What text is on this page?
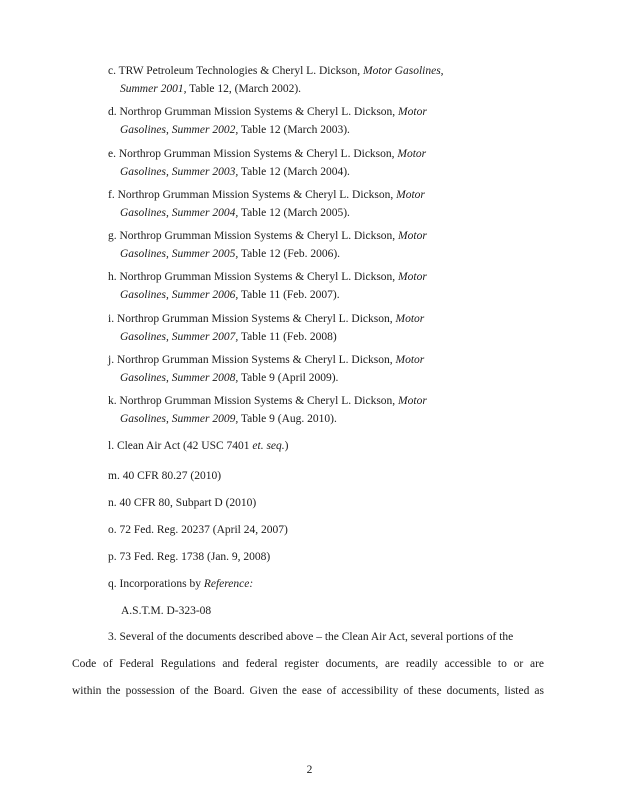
c. TRW Petroleum Technologies & Cheryl L. Dickson, Motor Gasolines,
Summer 2001, Table 12, (March 2002).
d. Northrop Grumman Mission Systems & Cheryl L. Dickson, Motor
Gasolines, Summer 2002, Table 12 (March 2003).
e. Northrop Grumman Mission Systems & Cheryl L. Dickson, Motor
Gasolines, Summer 2003, Table 12 (March 2004).
f. Northrop Grumman Mission Systems & Cheryl L. Dickson, Motor
Gasolines, Summer 2004, Table 12 (March 2005).
g. Northrop Grumman Mission Systems & Cheryl L. Dickson, Motor
Gasolines, Summer 2005, Table 12 (Feb. 2006).
h. Northrop Grumman Mission Systems & Cheryl L. Dickson, Motor
Gasolines, Summer 2006, Table 11 (Feb. 2007).
i. Northrop Grumman Mission Systems & Cheryl L. Dickson, Motor
Gasolines, Summer 2007, Table 11 (Feb. 2008)
j. Northrop Grumman Mission Systems & Cheryl L. Dickson, Motor
Gasolines, Summer 2008, Table 9 (April 2009).
k. Northrop Grumman Mission Systems & Cheryl L. Dickson, Motor
Gasolines, Summer 2009, Table 9 (Aug. 2010).
l. Clean Air Act (42 USC 7401 et. seq.)
m. 40 CFR 80.27 (2010)
n. 40 CFR 80, Subpart D (2010)
o. 72 Fed. Reg. 20237 (April 24, 2007)
p. 73 Fed. Reg. 1738 (Jan. 9, 2008)
q. Incorporations by Reference:
A.S.T.M. D-323-08
3. Several of the documents described above – the Clean Air Act, several portions of the
Code of Federal Regulations and federal register documents, are readily accessible to or are
within the possession of the Board. Given the ease of accessibility of these documents, listed as
2
